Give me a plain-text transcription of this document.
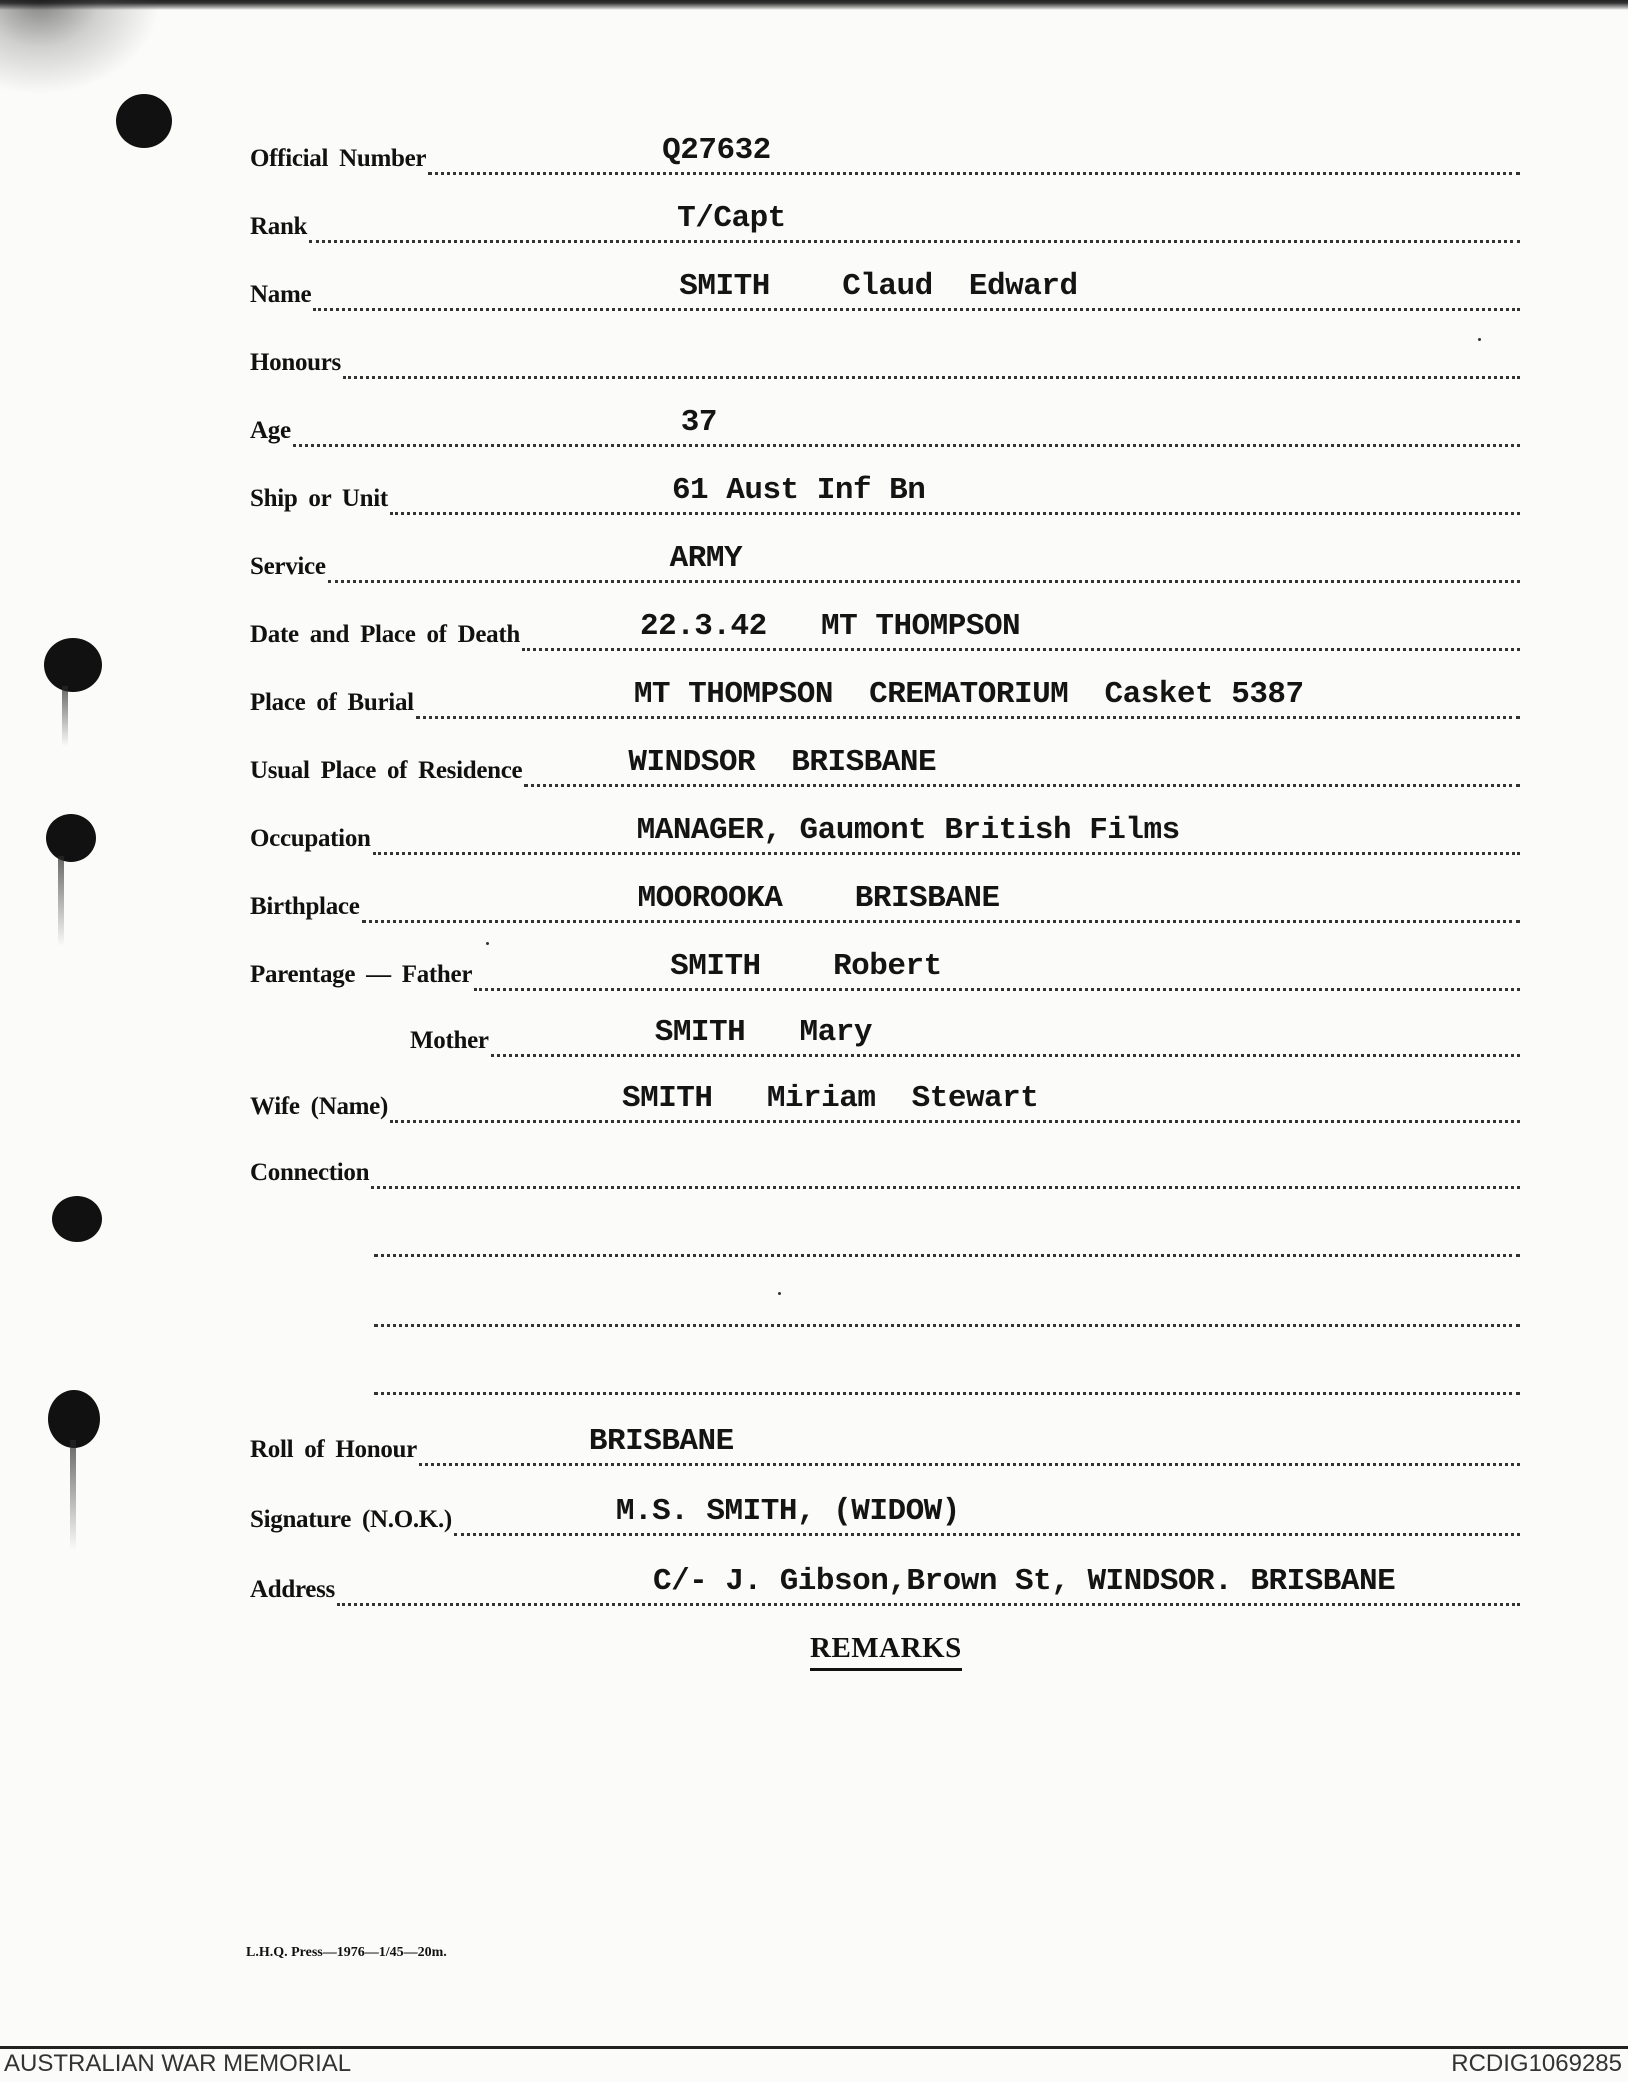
Official Number	Q27632
Rank	T/Capt
Name	SMITH    Claud  Edward
Honours
Age	37
Ship or Unit	61 Aust Inf Bn
Service	ARMY
Date and Place of Death	22.3.42   MT THOMPSON
Place of Burial	MT THOMPSON  CREMATORIUM  Casket 5387
Usual Place of Residence	WINDSOR  BRISBANE
Occupation	MANAGER, Gaumont British Films
Birthplace	MOOROOKA    BRISBANE
Parentage — Father	SMITH    Robert
Mother	SMITH   Mary
Wife (Name)	SMITH   Miriam  Stewart
Connection
Roll of Honour	BRISBANE
Signature (N.O.K.)	M.S. SMITH, (WIDOW)
Address	C/- J. Gibson,Brown St, WINDSOR. BRISBANE
REMARKS
L.H.Q. Press—1976—1/45—20m.
AUSTRALIAN WAR MEMORIAL	RCDIG1069285
